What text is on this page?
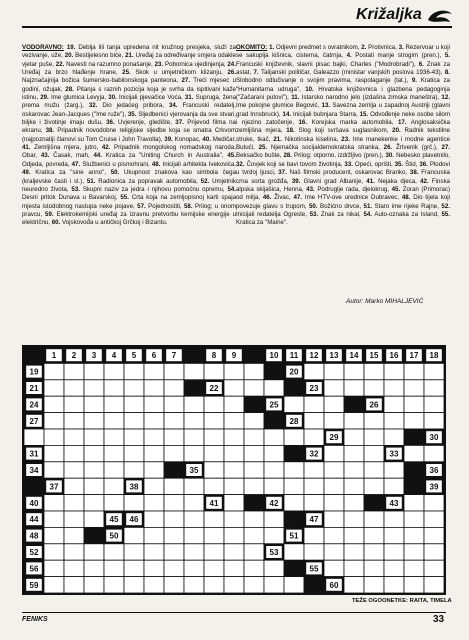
Križaljka
VODORAVNO: 19. Deblja lili tanja upredena nit kružnog presjeka, služi za vezivanje, uže, 20. Bestijelesno biće, 21. Uređaj za određivanje smjera odakle vjetar puše, 22. Navesti na razumno ponašanje, 23. Pobornica ujedinjenja, 24. Uređaj za brzo hlađenje hrane, 25. Skok u umjetničkom klizanju, 26. Najznačajnija božica šumersko-babilonskoga panteona, 27. Treći mjesec u godini, ožujak, 28. Pitanja s raznih pozicija koja je svrha da ispitivani kaže istinu, 29. Ime glumica Levyja, 30. Inicijali pjevačice Voća, 31. Supruga, žena prema mužu (žarg.), 32. Dio jedaćeg pribora, 34. Francuski redatelj, oskarovac Jean-Jacques ("Ime ruže"), 35. Sljedbenici vjerovanja da sve stvari, biljke i životinje imaju dušu, 36. Uvjerenje, gledište, 37. Prijevod filma na ekranu, 38. Pripadnik novodobne religijske sljedbe koja se smatra Crkvom (najpoznatiji članovi su Tom Cruise i John Travolta), 39. Konopac, 40. Medičar, 41. Zemljišna mjera, jutro, 42. Pripadnik mongolskog nomadskog naroda, Obar, 43. Časak, mah, 44. Kratica za "Uniting Church in Australia", 45. Odjeda, povreda, 47. Službenici u pismohrani, 48. Inicijali arhitekta Ivekovića, 49. Kratica za "sine anno", 50. Ukupnost znakova kao simbola čega (kraljevske časti i sl.), 51. Radionica za popravak automobila, 52. Umjetnik neuredno života, 53. Skupni naziv za jedra i njihovu pomoćnu opremu, 54. Desni pritok Dunava u Bavarskoj, 55. Crta koja na zemljopisnoj karti spaja mjesta istodobnog nastupa neke pojave, 57. Pojednostiti, 58. Prilog; u onom pravcu, 59. Elektrokemijski uređaj za izravnu pretvorbu kemijske energije u električnu, 60. Vojskovođa u antičkoj Grčkoj i Bizantu.
OKOMITO: 1. Odjevni predmet s ovratnikom, 2. Protivnica, 3. Rezervoar u koji se sakuplja kišnica, cisterna, čatrnja, 4. Postati manje strogim (pren.), 5. Francuski književnik, slavni pisac bajki, Charles ("Modrobradi"), 6. Znak za astat, 7. Talijanski političar, Galeazzo (ministar vanjskih poslova 1936-43), 8. Slobodno odlučivanje o svojim pravima, raspolaganje (lat.), 9. Kratica za "Humanitarna udruga", 10. Hrvatska književnica i glazbena pedagoginja ("Začarani putovi"), 11. Istarsko narodno jelo (izdašna zimska maneštra), 12. Ime pokojne glumice Begović, 13. Savezna zemlja u zapadnoj Austriji (glavni grad Innsbruck), 14. Inicijali bubnjara Starra, 15. Odvođenje neke osobe silom i njezino zatočenje, 16. Korejska marka automobila, 17. Anglosaksička zemljišna mjera, 18. Slog koji svršava suglasnikom, 20. Radnik tekstilne struke, tkač, 21. Nikotinska kiselina, 23. Ime manekenke i modne agentice Butući, 25. Njemačka socijaldemokratska stranka, 26. Žrtvenik (grč.), 27. Beksačko bušte, 28. Prilog; otporno, izdržljivo (pren.), 30. Nebesko plavetnilo, 32. Čovjek koji se bavi tovom životinja, 33. Opeći, oprišti, 35. Štid, 36. Plodovi u tvrdoj ljusci, 37. Naš filmski producent, oskarovac Branko, 38. Francuska crna sorta grožđa, 39. Glavni grad Albanije, 41. Nejaka djeca, 42. Finska alpska skijašica, Henna, 43. Podruglje rada, djelokrug, 45. Zoran (Primorac) od milja, 46. Živac, 47. Ime HTV-ove urednice Dubravec, 48. Dio tijela koji povezuje glavu s trupom, 50. Božićno drvce, 51. Staro ime rijeke Rajne, 52. Inicijali redatelja Ogreste, 53. Znak za nikal, 54. Auto-oznaka za Island, 55. Kratica za "Maine".
Autor: Marko MIHALJEVIĆ
1 2 3 4 5 6 7	8 9	10 11 12 13 14 15 16 17 18
19	20
21	22	23
24	25	26
27	28
29	30
31	32	33
34	35	36
37	38	39
40	41	42	43
44	45 46	47
48	50	51
52	53
56	55
59	60
TEŽE OGOONETKE: RAITA, TIMELA
FENIKS	33
